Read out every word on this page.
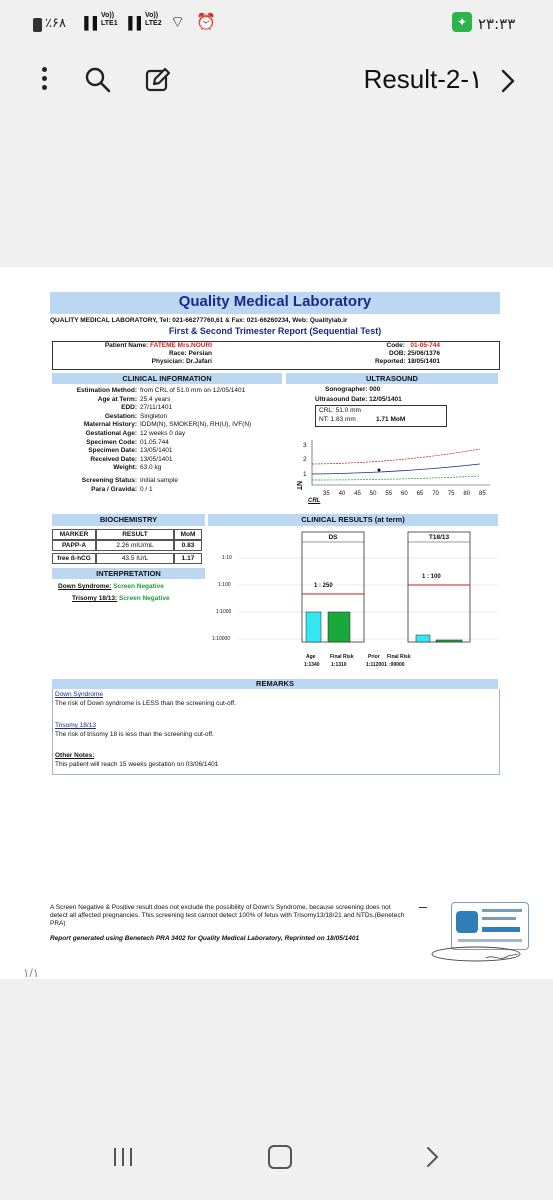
٪۶۸ ▐▐
Vo)) LTE1 ▐▐
Vo)) LTE2 ⌔ ⏰	✦ ۲۳:۳۳
Result-2-۱
Quality Medical Laboratory
QUALITY MEDICAL LABORATORY, Tel: 021-66277760,61 & Fax: 021-66260234, Web: Qualitylab.ir
First & Second Trimester Report (Sequential Test)
Patient Name: FATEME Mrs.NOURI
Race: Persian
Physician: Dr.Jafari
Code: 01-05-744
DOB: 25/06/1376
Reported: 18/05/1401
CLINICAL INFORMATION
Estimation Method: from CRL of 51.0 mm on 12/05/1401
Age at Term: 25.4 years
EDD: 27/11/1401
Gestation: Singleton
Maternal History: IDDM(N), SMOKER(N), RH(U), IVF(N)
Gestational Age: 12 weeks 0 day
Specimen Code: 01.05.744
Specimen Date: 13/05/1401
Received Date: 13/05/1401
Weight: 63.0 kg
Screening Status: Initial sample
Para / Gravida: 0 / 1
ULTRASOUND
Sonographer: 000
Ultrasound Date: 12/05/1401
CRL: 51.0 mm
NT: 1.83 mm	1.71 MoM
3
2
1
NT
CRL
35 40 45 50 55 60 65 70 75 80 85
BIOCHEMISTRY
MARKER	RESULT	MoM
PAPP-A	2.26 mIU/mL	0.83
free ß-hCG	43.5 IU/L	1.17
INTERPRETATION
Down Syndrome: Screen Negative
Trisomy 18/13: Screen Negative
CLINICAL RESULTS (at term)
1:10
1:100
1:1000
1:10000
DS	T18/13
1 : 250
1 : 100
Age	Final Risk
1:1340 1:1310
Prior Final Risk
1:112001 :99000
REMARKS
Down Syndrome
The risk of Down syndrome is LESS than the screening cut-off.
Trisomy 18/13
The risk of trisomy 18 is less than the screening cut-off.
Other Notes:
This patient will reach 15 weeks gestation on 03/06/1401
A Screen Negative & Positive result does not exclude the possibility of Down's Syndrome, because screening does not detect all affected pregnancies. This screening test cannot detect 100% of fetus with Trisomy13/18/21 and NTDs.(Benetech PRA)
Report generated using Benetech PRA 3402 for Quality Medical Laboratory, Reprinted on 18/05/1401
۱/۱
